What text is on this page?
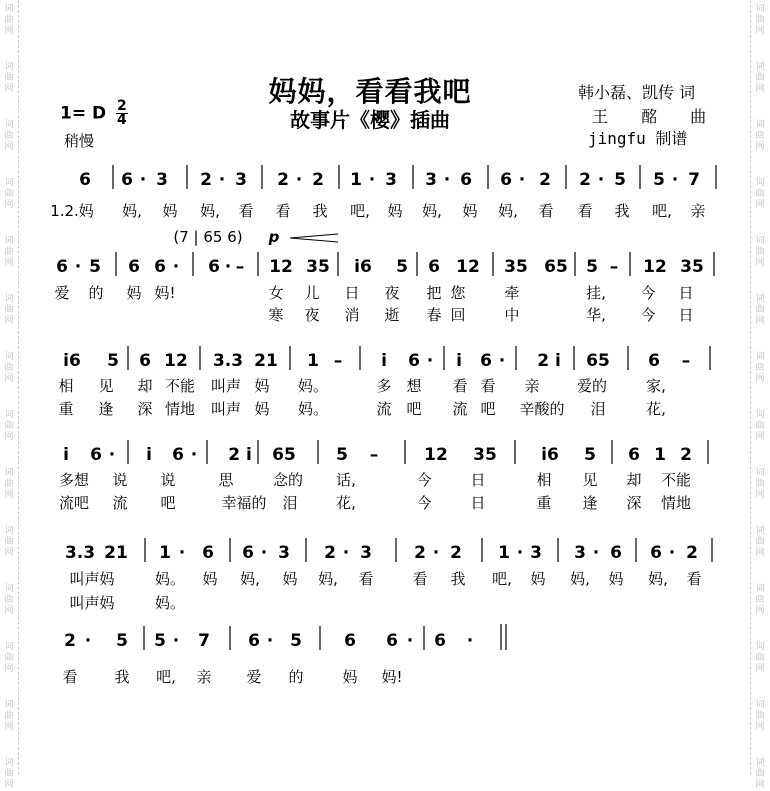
词
曲
网
词
曲
网
词
曲
网
词
曲
网
词
曲
网
词
曲
网
词
曲
网
词
曲
网
词
曲
网
词
曲
网
词
曲
网
词
曲
网
词
曲
网
词
曲
网
词
曲
网
词
曲
网
词
曲
网
词
曲
网
词
曲
网
词
曲
网
词
曲
网
词
曲
网
词
曲
网
词
曲
网
词
曲
网
词
曲
网
词
曲
网
词
曲
网
妈妈，看看我吧
故事片《樱》插曲
1= D $\frac{2}{4}$
稍慢
韩小磊、凯传 词
王 酩 曲
jingfu 制谱
6 6 · 3 2 · 3 2 · 2 1 · 3 3 · 6 6 · 2 2 · 5 5 · 7
1.2.妈 妈, 妈 妈, 看 看 我 吧, 妈 妈, 妈 妈, 看 看 我 吧, 亲
6 · 5 6 6 · 6 · – 12 35 i6 5 6 12 35 65 5 – 12 35
(7 | 65 6) p
爱 的 妈 妈!	女 儿 日 夜 把 您	牵	挂, 今 日
寒 夜 消 逝 春 回	中	华, 今 日
i6 5 6 12 3.3 21 1 – i 6 · i 6 · 2 i 65 6 –
相 见 却 不能 叫声 妈 妈。	多 想 看 看 亲 爱的	家,
重 逢 深 情地 叫声 妈 妈。	流 吧 流 吧 辛酸的 泪	花,
i 6 · i 6 · 2 i 65 5 –	12 35	i6 5 6 1 2
多想 说 说	思	念的 话,	今	日	相 见 却 不能
流吧 流 吧	幸福的 泪	花,	今	日	重 逢 深 情地
3.3 21 1 · 6 6 · 3 2 · 3 2 · 2 1 · 3 3 · 6 6 · 2
叫声妈	妈。 妈 妈, 妈 妈, 看	看 我 吧, 妈 妈, 妈 妈, 看
叫声妈	妈。
2 · 5 5 · 7 6 · 5 6 6 · 6 ·
看 我 吧, 亲 爱 的	妈 妈!
